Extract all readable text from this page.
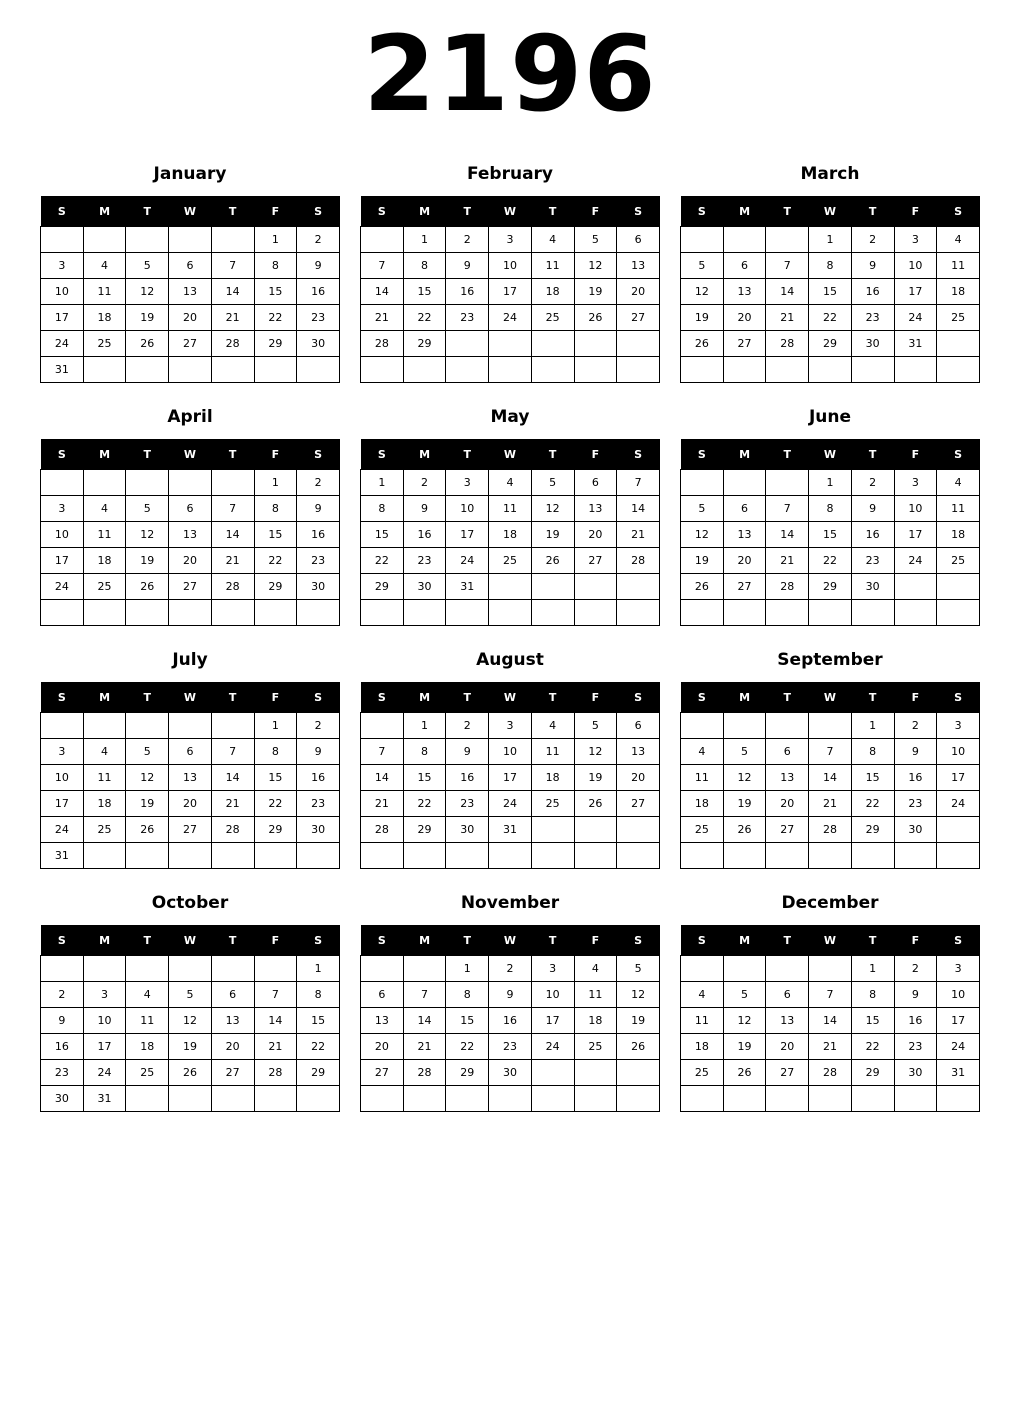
2196
January
S	M	T	W	T	F	S
					1	2
3	4	5	6	7	8	9
10	11	12	13	14	15	16
17	18	19	20	21	22	23
24	25	26	27	28	29	30
31						
February
S	M	T	W	T	F	S
	1	2	3	4	5	6
7	8	9	10	11	12	13
14	15	16	17	18	19	20
21	22	23	24	25	26	27
28	29					

March
S	M	T	W	T	F	S
			1	2	3	4
5	6	7	8	9	10	11
12	13	14	15	16	17	18
19	20	21	22	23	24	25
26	27	28	29	30	31	

April
S	M	T	W	T	F	S
					1	2
3	4	5	6	7	8	9
10	11	12	13	14	15	16
17	18	19	20	21	22	23
24	25	26	27	28	29	30

May
S	M	T	W	T	F	S
1	2	3	4	5	6	7
8	9	10	11	12	13	14
15	16	17	18	19	20	21
22	23	24	25	26	27	28
29	30	31				

June
S	M	T	W	T	F	S
			1	2	3	4
5	6	7	8	9	10	11
12	13	14	15	16	17	18
19	20	21	22	23	24	25
26	27	28	29	30		

July
S	M	T	W	T	F	S
					1	2
3	4	5	6	7	8	9
10	11	12	13	14	15	16
17	18	19	20	21	22	23
24	25	26	27	28	29	30
31						
August
S	M	T	W	T	F	S
	1	2	3	4	5	6
7	8	9	10	11	12	13
14	15	16	17	18	19	20
21	22	23	24	25	26	27
28	29	30	31			

September
S	M	T	W	T	F	S
				1	2	3
4	5	6	7	8	9	10
11	12	13	14	15	16	17
18	19	20	21	22	23	24
25	26	27	28	29	30	

October
S	M	T	W	T	F	S
						1
2	3	4	5	6	7	8
9	10	11	12	13	14	15
16	17	18	19	20	21	22
23	24	25	26	27	28	29
30	31					
November
S	M	T	W	T	F	S
		1	2	3	4	5
6	7	8	9	10	11	12
13	14	15	16	17	18	19
20	21	22	23	24	25	26
27	28	29	30			

December
S	M	T	W	T	F	S
				1	2	3
4	5	6	7	8	9	10
11	12	13	14	15	16	17
18	19	20	21	22	23	24
25	26	27	28	29	30	31
